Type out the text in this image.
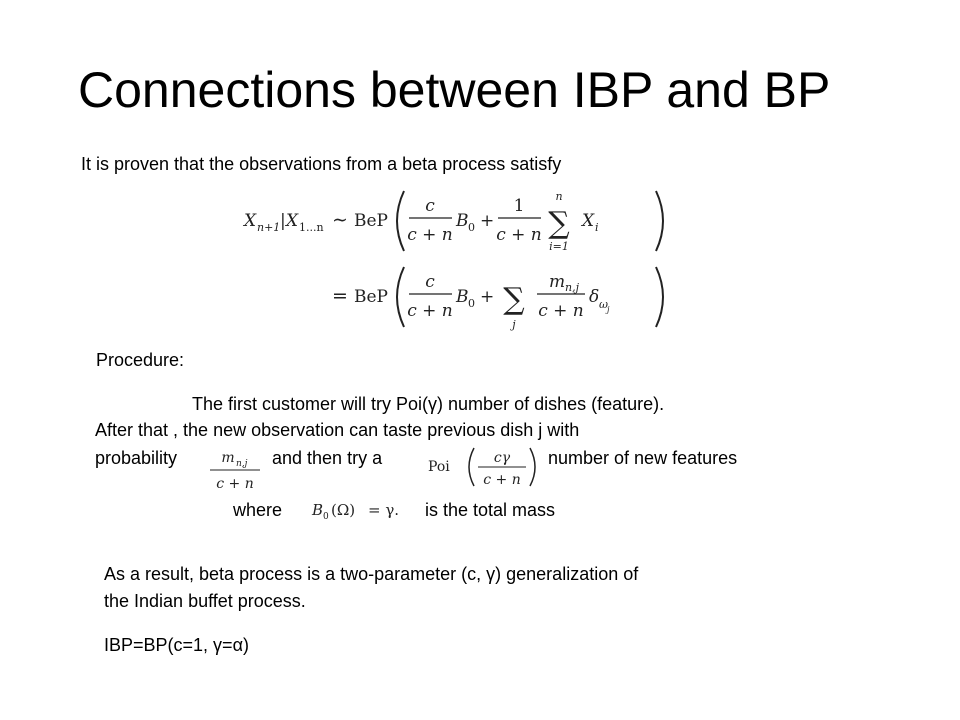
Connections between IBP and BP
It is proven that the observations from a beta process satisfy
X n+1 | X 1...n ∼ BeP
c
c + n
B 0 +
1
c + n
n
∑
i=1
X i
= BeP
c
c + n
B 0 + ∑
j
m n,j
c + n
δ ω j
Procedure:
The first customer will try Poi(γ) number of dishes (feature).
After that , the new observation can taste previous dish j with
probability	m n,j
c + n
and then try a	Poi
cγ
c + n
number of new features
where B 0 (Ω) = γ. is the total mass
As a result, beta process is a two-parameter (c, γ) generalization of
the Indian buffet process.
IBP=BP(c=1, γ=α)
